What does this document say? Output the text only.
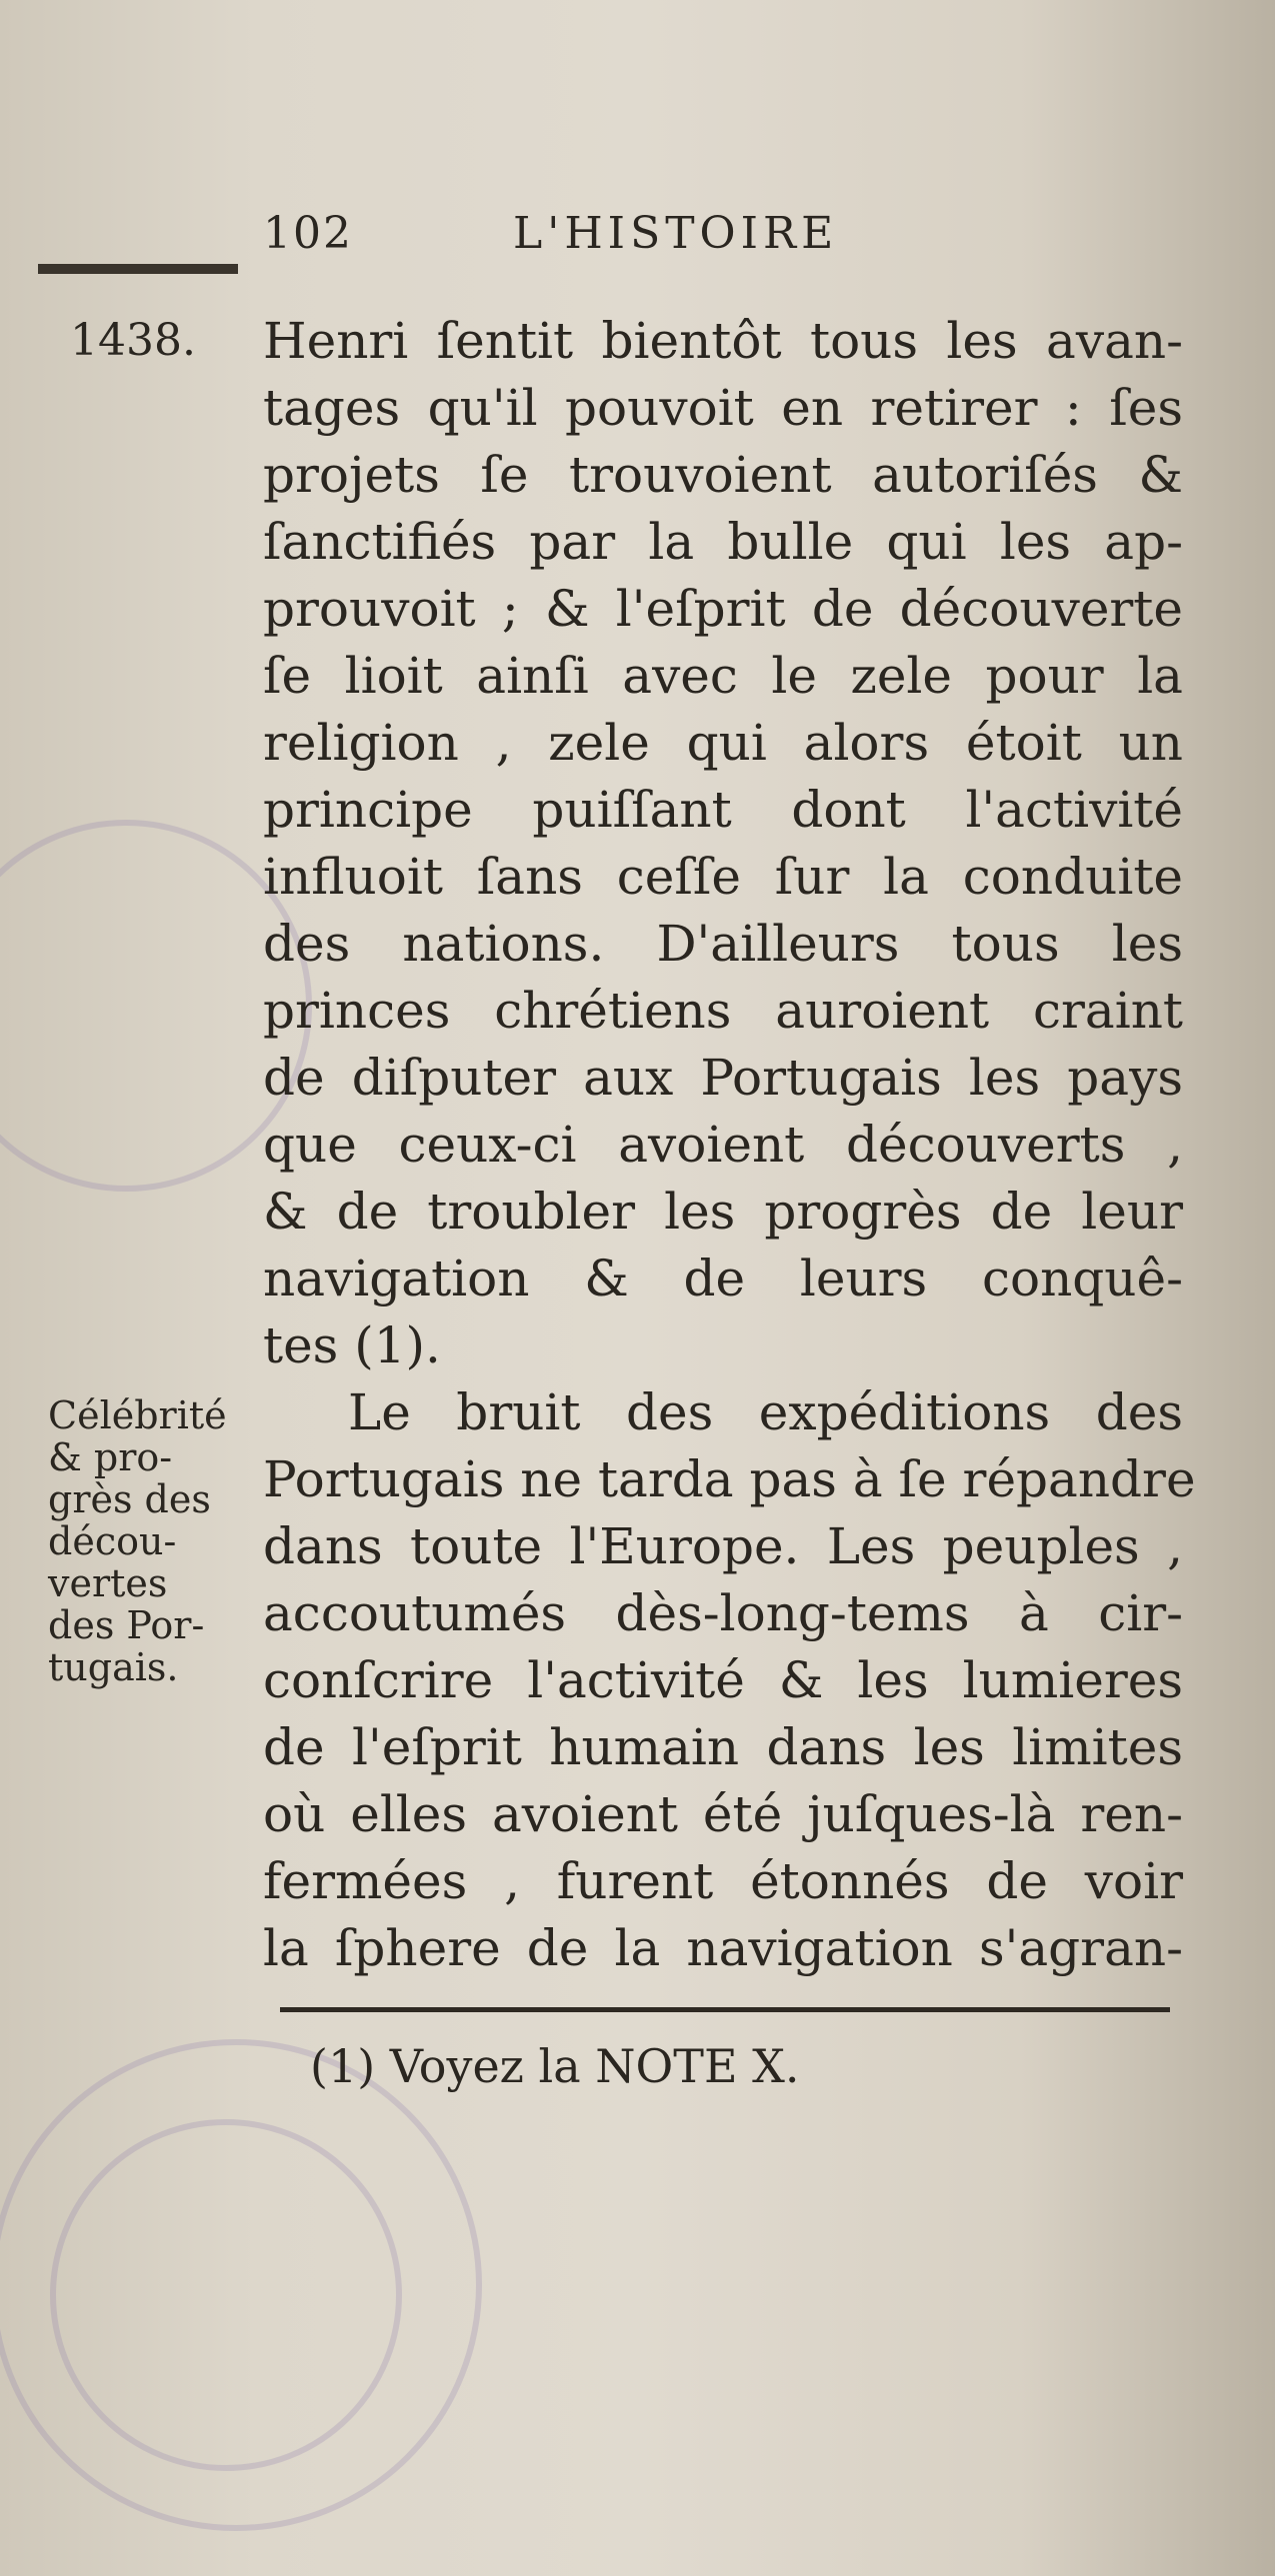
102	L'HISTOIRE
1438. Henri ſentit bientôt tous les avan-
tages qu'il pouvoit en retirer : ſes
projets ſe trouvoient autoriſés &
ſanctifiés par la bulle qui les ap-
prouvoit ; & l'eſprit de découverte
ſe lioit ainſi avec le zele pour la
religion , zele qui alors étoit un
principe puiſſant dont l'activité
influoit ſans ceſſe ſur la conduite
des nations. D'ailleurs tous les
princes chrétiens auroient craint
de diſputer aux Portugais les pays
que ceux-ci avoient découverts ,
& de troubler les progrès de leur
navigation & de leurs conquê-
tes (1).
Le bruit des expéditions des
Portugais ne tarda pas à ſe répandre
dans toute l'Europe. Les peuples ,
accoutumés dès-long-tems à cir-
conſcrire l'activité & les lumieres
de l'eſprit humain dans les limites
où elles avoient été juſques-là ren-
fermées , furent étonnés de voir
la ſphere de la navigation s'agran-
Célébrité
& pro-
grès des
décou-
vertes
des Por-
tugais.
(1) Voyez la NOTE X.
